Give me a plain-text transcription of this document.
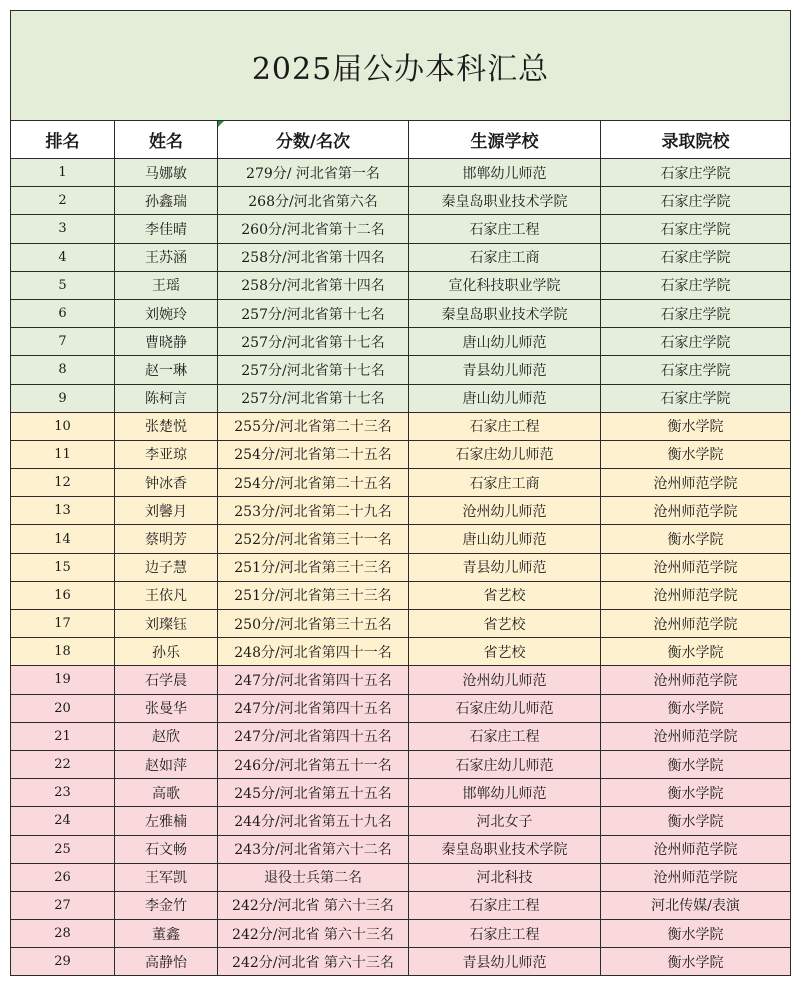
2025届公办本科汇总				
排名	姓名	分数/名次	生源学校	录取院校
1	马娜敏	279分/ 河北省第一名	邯郸幼儿师范	石家庄学院
2	孙鑫瑞	268分/河北省第六名	秦皇岛职业技术学院	石家庄学院
3	李佳晴	260分/河北省第十二名	石家庄工程	石家庄学院
4	王苏涵	258分/河北省第十四名	石家庄工商	石家庄学院
5	王瑶	258分/河北省第十四名	宣化科技职业学院	石家庄学院
6	刘婉玲	257分/河北省第十七名	秦皇岛职业技术学院	石家庄学院
7	曹晓静	257分/河北省第十七名	唐山幼儿师范	石家庄学院
8	赵一琳	257分/河北省第十七名	青县幼儿师范	石家庄学院
9	陈柯言	257分/河北省第十七名	唐山幼儿师范	石家庄学院
10	张楚悦	255分/河北省第二十三名	石家庄工程	衡水学院
11	李亚琼	254分/河北省第二十五名	石家庄幼儿师范	衡水学院
12	钟冰香	254分/河北省第二十五名	石家庄工商	沧州师范学院
13	刘馨月	253分/河北省第二十九名	沧州幼儿师范	沧州师范学院
14	蔡明芳	252分/河北省第三十一名	唐山幼儿师范	衡水学院
15	边子慧	251分/河北省第三十三名	青县幼儿师范	沧州师范学院
16	王依凡	251分/河北省第三十三名	省艺校	沧州师范学院
17	刘璨钰	250分/河北省第三十五名	省艺校	沧州师范学院
18	孙乐	248分/河北省第四十一名	省艺校	衡水学院
19	石学晨	247分/河北省第四十五名	沧州幼儿师范	沧州师范学院
20	张曼华	247分/河北省第四十五名	石家庄幼儿师范	衡水学院
21	赵欣	247分/河北省第四十五名	石家庄工程	沧州师范学院
22	赵如萍	246分/河北省第五十一名	石家庄幼儿师范	衡水学院
23	高歌	245分/河北省第五十五名	邯郸幼儿师范	衡水学院
24	左雅楠	244分/河北省第五十九名	河北女子	衡水学院
25	石文畅	243分/河北省第六十二名	秦皇岛职业技术学院	沧州师范学院
26	王军凯	退役士兵第二名	河北科技	沧州师范学院
27	李金竹	242分/河北省 第六十三名	石家庄工程	河北传媒/表演
28	董鑫	242分/河北省 第六十三名	石家庄工程	衡水学院
29	高静怡	242分/河北省 第六十三名	青县幼儿师范	衡水学院
